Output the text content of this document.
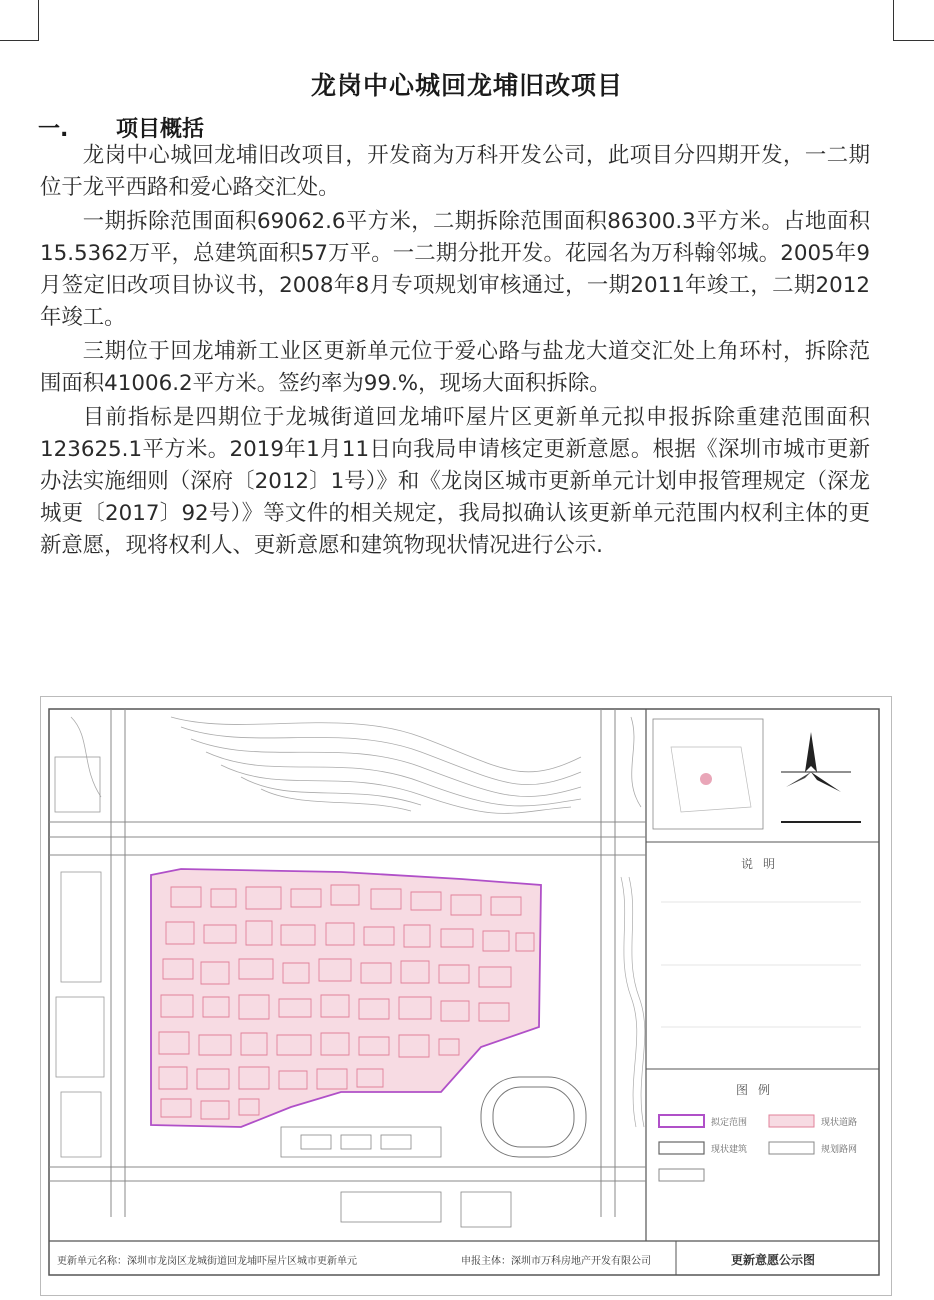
龙岗中心城回龙埔旧改项目
一. 项目概括

龙岗中心城回龙埔旧改项目，开发商为万科开发公司，此项目分四期开发，一二期位于龙平西路和爱心路交汇处。

一期拆除范围面积69062.6平方米，二期拆除范围面积86300.3平方米。占地面积15.5362万平，总建筑面积57万平。一二期分批开发。花园名为万科翰邻城。2005年9月签定旧改项目协议书，2008年8月专项规划审核通过，一期2011年竣工，二期2012年竣工。

三期位于回龙埔新工业区更新单元位于爱心路与盐龙大道交汇处上角环村，拆除范围面积41006.2平方米。签约率为99.%，现场大面积拆除。

目前指标是四期位于龙城街道回龙埔吓屋片区更新单元拟申报拆除重建范围面积123625.1平方米。2019年1月11日向我局申请核定更新意愿。根据《深圳市城市更新办法实施细则（深府〔2012〕1号）》和《龙岗区城市更新单元计划申报管理规定（深龙城更〔2017〕92号）》等文件的相关规定，我局拟确认该更新单元范围内权利主体的更新意愿，现将权利人、更新意愿和建筑物现状情况进行公示.

图例
拟定范围
现状建筑
现状道路
规划路网
说明
更新单元名称：深圳市龙岗区龙城街道回龙埔吓屋片区城市更新单元	申报主体：深圳市万科房地产开发有限公司	更新意愿公示图
